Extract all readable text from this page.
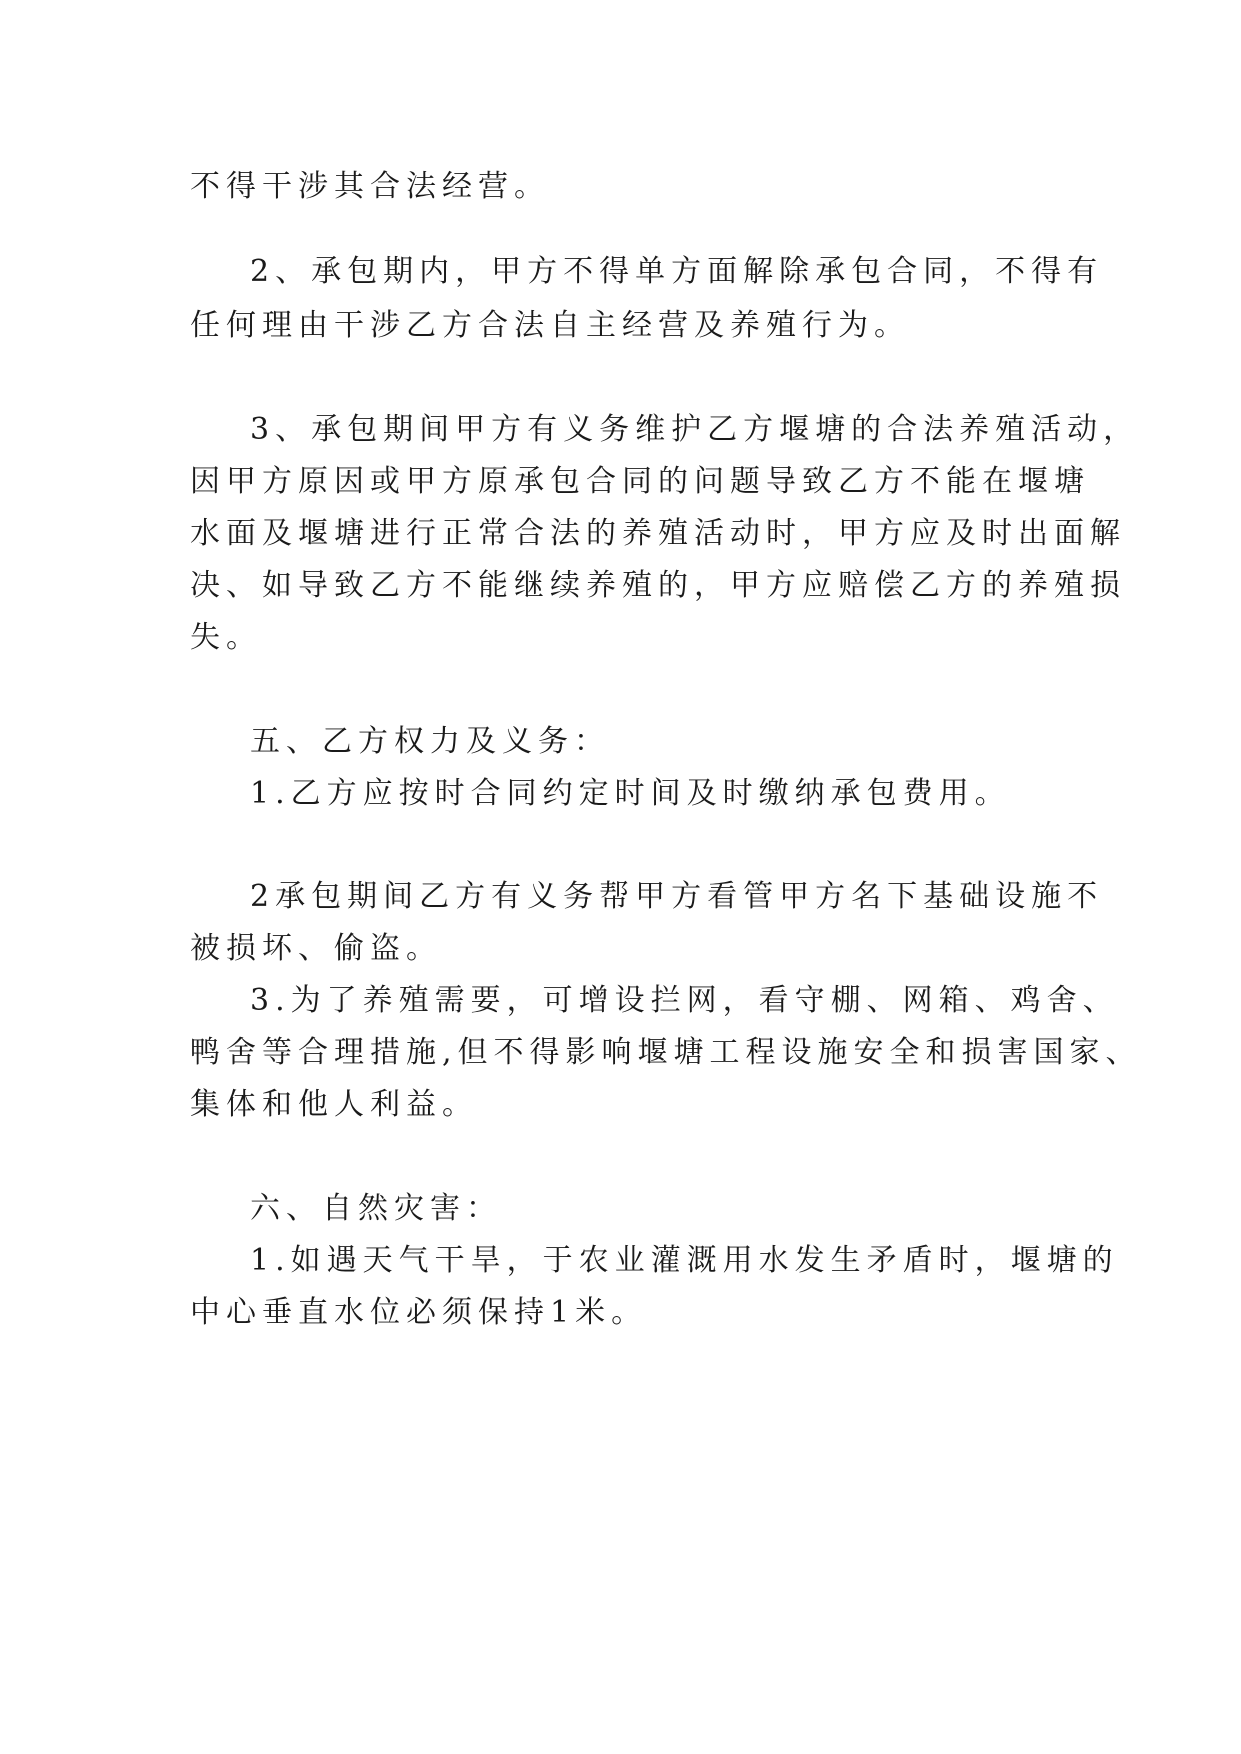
不得干涉其合法经营。

2、承包期内，甲方不得单方面解除承包合同，不得有

任何理由干涉乙方合法自主经营及养殖行为。

3、承包期间甲方有义务维护乙方堰塘的合法养殖活动，

因甲方原因或甲方原承包合同的问题导致乙方不能在堰塘

水面及堰塘进行正常合法的养殖活动时，甲方应及时出面解

决、如导致乙方不能继续养殖的，甲方应赔偿乙方的养殖损

失。

五、乙方权力及义务：

1.乙方应按时合同约定时间及时缴纳承包费用。

2承包期间乙方有义务帮甲方看管甲方名下基础设施不

被损坏、偷盗。

3.为了养殖需要，可增设拦网，看守棚、网箱、鸡舍、

鸭舍等合理措施,但不得影响堰塘工程设施安全和损害国家、

集体和他人利益。

六、自然灾害：

1.如遇天气干旱，于农业灌溉用水发生矛盾时，堰塘的

中心垂直水位必须保持1米。
